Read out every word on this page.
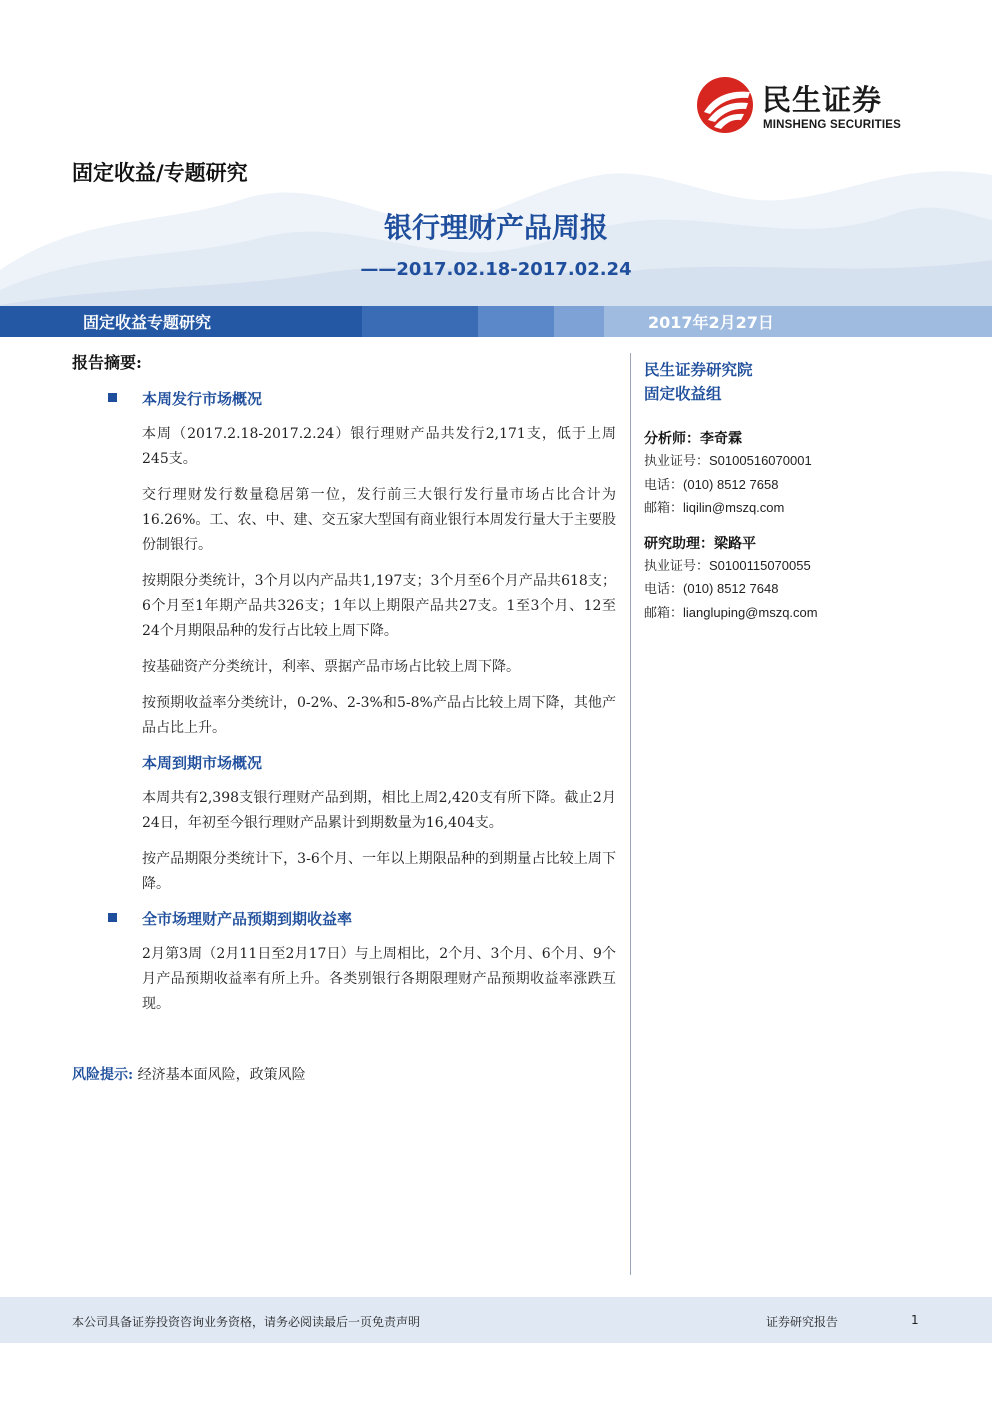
民生证券
MINSHENG SECURITIES
固定收益/专题研究
银行理财产品周报
——2017.02.18-2017.02.24
固定收益专题研究	2017年2月27日
报告摘要:
本周发行市场概况

本周（2017.2.18-2017.2.24）银行理财产品共发行2,171支，低于上周245支。

交行理财发行数量稳居第一位，发行前三大银行发行量市场占比合计为16.26%。工、农、中、建、交五家大型国有商业银行本周发行量大于主要股份制银行。

按期限分类统计，3个月以内产品共1,197支；3个月至6个月产品共618支；6个月至1年期产品共326支；1年以上期限产品共27支。1至3个月、12至24个月期限品种的发行占比较上周下降。

按基础资产分类统计，利率、票据产品市场占比较上周下降。

按预期收益率分类统计，0-2%、2-3%和5-8%产品占比较上周下降，其他产品占比上升。

本周到期市场概况

本周共有2,398支银行理财产品到期，相比上周2,420支有所下降。截止2月24日，年初至今银行理财产品累计到期数量为16,404支。

按产品期限分类统计下，3-6个月、一年以上期限品种的到期量占比较上周下降。

全市场理财产品预期到期收益率

2月第3周（2月11日至2月17日）与上周相比，2个月、3个月、6个月、9个月产品预期收益率有所上升。各类别银行各期限理财产品预期收益率涨跌互现。

风险提示: 经济基本面风险，政策风险
民生证券研究院
固定收益组
分析师：李奇霖
执业证号：S0100516070001
电话：(010) 8512 7658
邮箱：liqilin@mszq.com
研究助理：梁路平
执业证号：S0100115070055
电话：(010) 8512 7648
邮箱：liangluping@mszq.com
本公司具备证券投资咨询业务资格，请务必阅读最后一页免责声明	证券研究报告	1
